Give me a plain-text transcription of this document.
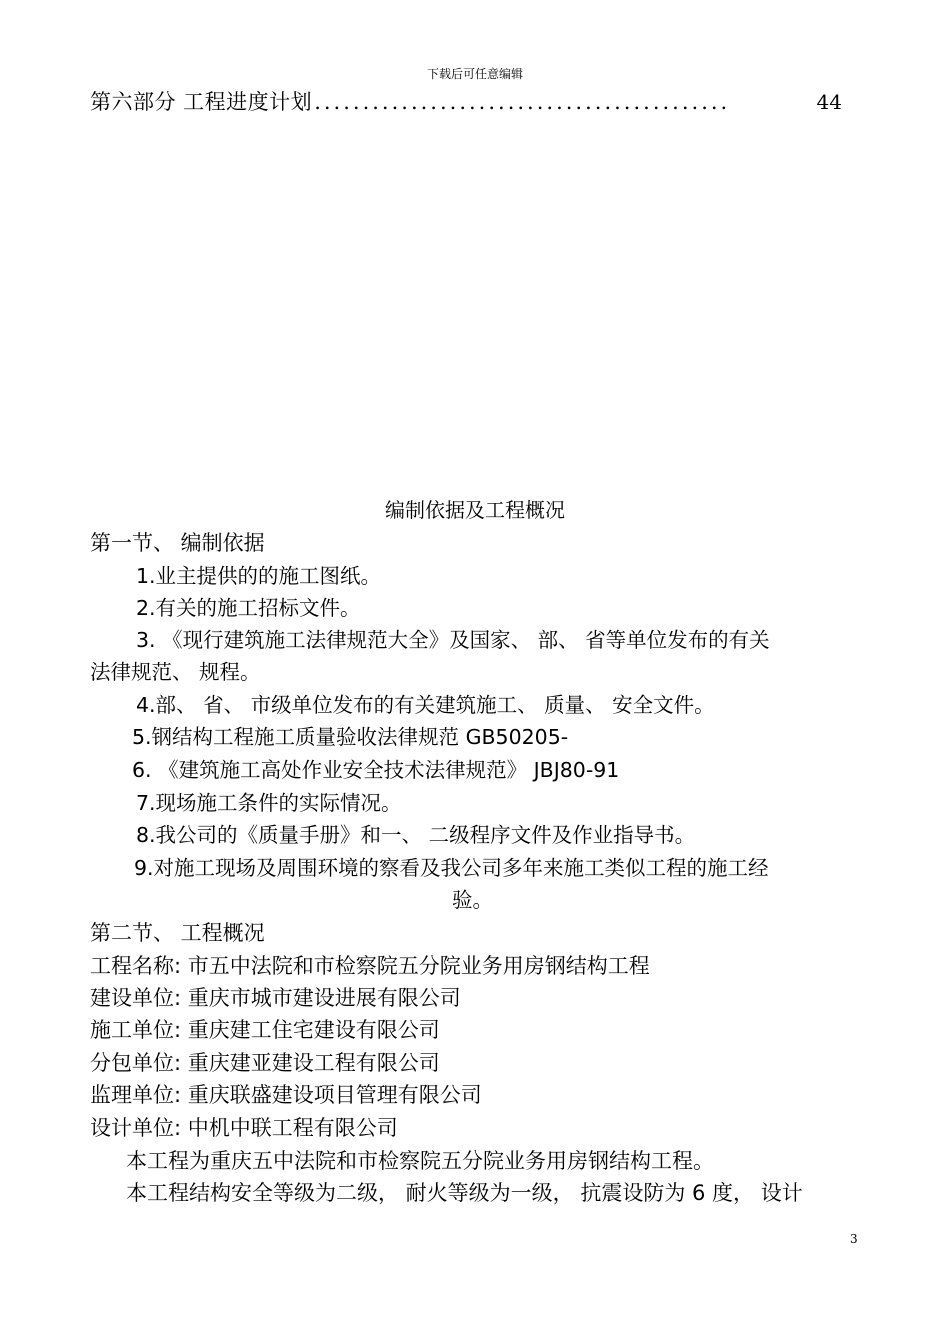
下载后可任意编辑
第六部分 工程进度计划 ...........................................	44
编制依据及工程概况
第一节、 编制依据
1.业主提供的的施工图纸。
2.有关的施工招标文件。
3. 《现行建筑施工法律规范大全》及国家、 部、 省等单位发布的有关
法律规范、 规程。
4.部、 省、 市级单位发布的有关建筑施工、 质量、 安全文件。
5.钢结构工程施工质量验收法律规范 GB50205-
6. 《建筑施工高处作业安全技术法律规范》 JBJ80-91
7.现场施工条件的实际情况。
8.我公司的《质量手册》和一、 二级程序文件及作业指导书。
9.对施工现场及周围环境的察看及我公司多年来施工类似工程的施工经
验。
第二节、 工程概况
工程名称: 市五中法院和市检察院五分院业务用房钢结构工程
建设单位: 重庆市城市建设进展有限公司
施工单位: 重庆建工住宅建设有限公司
分包单位: 重庆建亚建设工程有限公司
监理单位: 重庆联盛建设项目管理有限公司
设计单位: 中机中联工程有限公司
本工程为重庆五中法院和市检察院五分院业务用房钢结构工程。
本工程结构安全等级为二级， 耐火等级为一级， 抗震设防为 6 度， 设计
3
